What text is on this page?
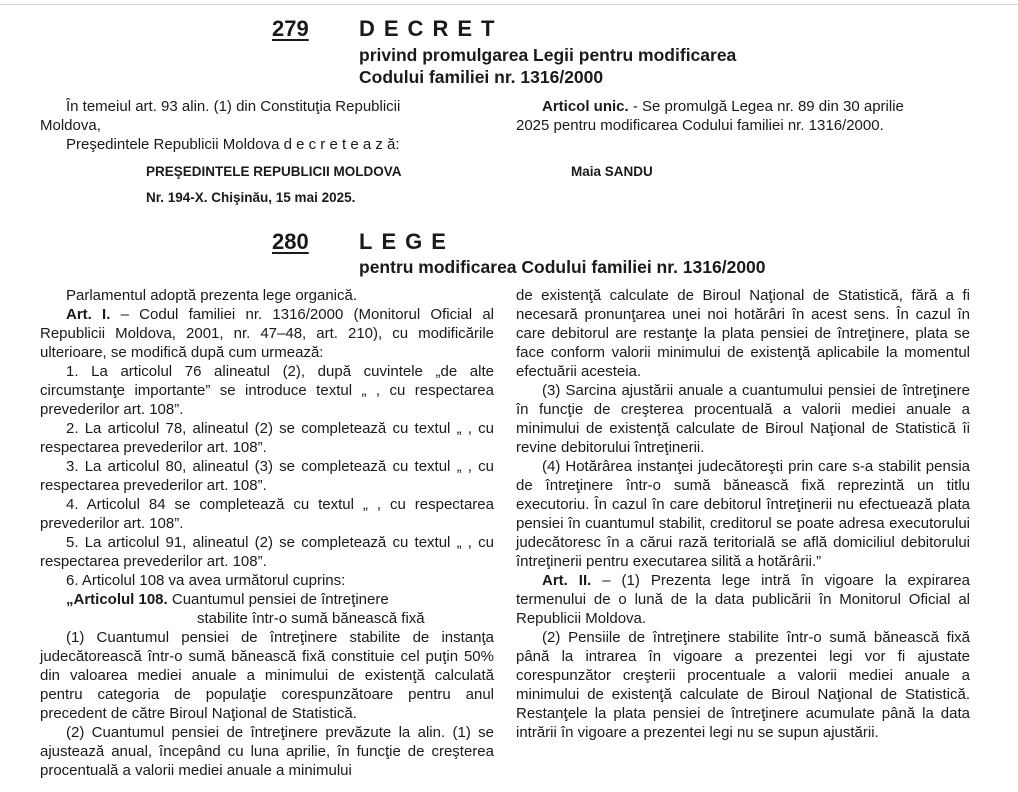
279 DECRET
privind promulgarea Legii pentru modificarea
Codului familiei nr. 1316/2000

În temeiul art. 93 alin. (1) din Constituţia Republicii

Moldova,

Preşedintele Republicii Moldova d e c r e t e a z ă:

Articol unic. - Se promulgă Legea nr. 89 din 30 aprilie

2025 pentru modificarea Codului familiei nr. 1316/2000.

PREŞEDINTELE REPUBLICII MOLDOVA	Maia SANDU
Nr. 194-X. Chişinău, 15 mai 2025.
280 LEGE
pentru modificarea Codului familiei nr. 1316/2000

Parlamentul adoptă prezenta lege organică.

Art. I. – Codul familiei nr. 1316/2000 (Monitorul Oficial al Republicii Moldova, 2001, nr. 47–48, art. 210), cu modificările ulterioare, se modifică după cum urmează:

1. La articolul 76 alineatul (2), după cuvintele „de alte circumstanţe importante” se introduce textul „ , cu respectarea prevederilor art. 108”.

2. La articolul 78, alineatul (2) se completează cu textul „ , cu respectarea prevederilor art. 108”.

3. La articolul 80, alineatul (3) se completează cu textul „ , cu respectarea prevederilor art. 108”.

4. Articolul 84 se completează cu textul „ , cu respectarea prevederilor art. 108”.

5. La articolul 91, alineatul (2) se completează cu textul „ , cu respectarea prevederilor art. 108”.

6. Articolul 108 va avea următorul cuprins:

„Articolul 108. Cuantumul pensiei de întreţinere

stabilite într-o sumă bănească fixă

(1) Cuantumul pensiei de întreţinere stabilite de instanţa judecătorească într-o sumă bănească fixă constituie cel puţin 50% din valoarea mediei anuale a minimului de existenţă calculată pentru categoria de populaţie corespunzătoare pentru anul precedent de către Biroul Naţional de Statistică.

(2) Cuantumul pensiei de întreţinere prevăzute la alin. (1) se ajustează anual, începând cu luna aprilie, în funcţie de creşterea procentuală a valorii mediei anuale a minimului

de existenţă calculate de Biroul Naţional de Statistică, fără a fi necesară pronunţarea unei noi hotărâri în acest sens. În cazul în care debitorul are restanţe la plata pensiei de întreţinere, plata se face conform valorii minimului de existenţă aplicabile la momentul efectuării acesteia.

(3) Sarcina ajustării anuale a cuantumului pensiei de întreţinere în funcţie de creşterea procentuală a valorii mediei anuale a minimului de existenţă calculate de Biroul Naţional de Statistică îi revine debitorului întreţinerii.

(4) Hotărârea instanţei judecătoreşti prin care s-a stabilit pensia de întreţinere într-o sumă bănească fixă reprezintă un titlu executoriu. În cazul în care debitorul întreţinerii nu efectuează plata pensiei în cuantumul stabilit, creditorul se poate adresa executorului judecătoresc în a cărui rază teritorială se află domiciliul debitorului întreţinerii pentru executarea silită a hotărârii.”

Art. II. – (1) Prezenta lege intră în vigoare la expirarea termenului de o lună de la data publicării în Monitorul Oficial al Republicii Moldova.

(2) Pensiile de întreţinere stabilite într-o sumă bănească fixă până la intrarea în vigoare a prezentei legi vor fi ajustate corespunzător creşterii procentuale a valorii mediei anuale a minimului de existenţă calculate de Biroul Naţional de Statistică. Restanţele la plata pensiei de întreţinere acumulate până la data intrării în vigoare a prezentei legi nu se supun ajustării.
